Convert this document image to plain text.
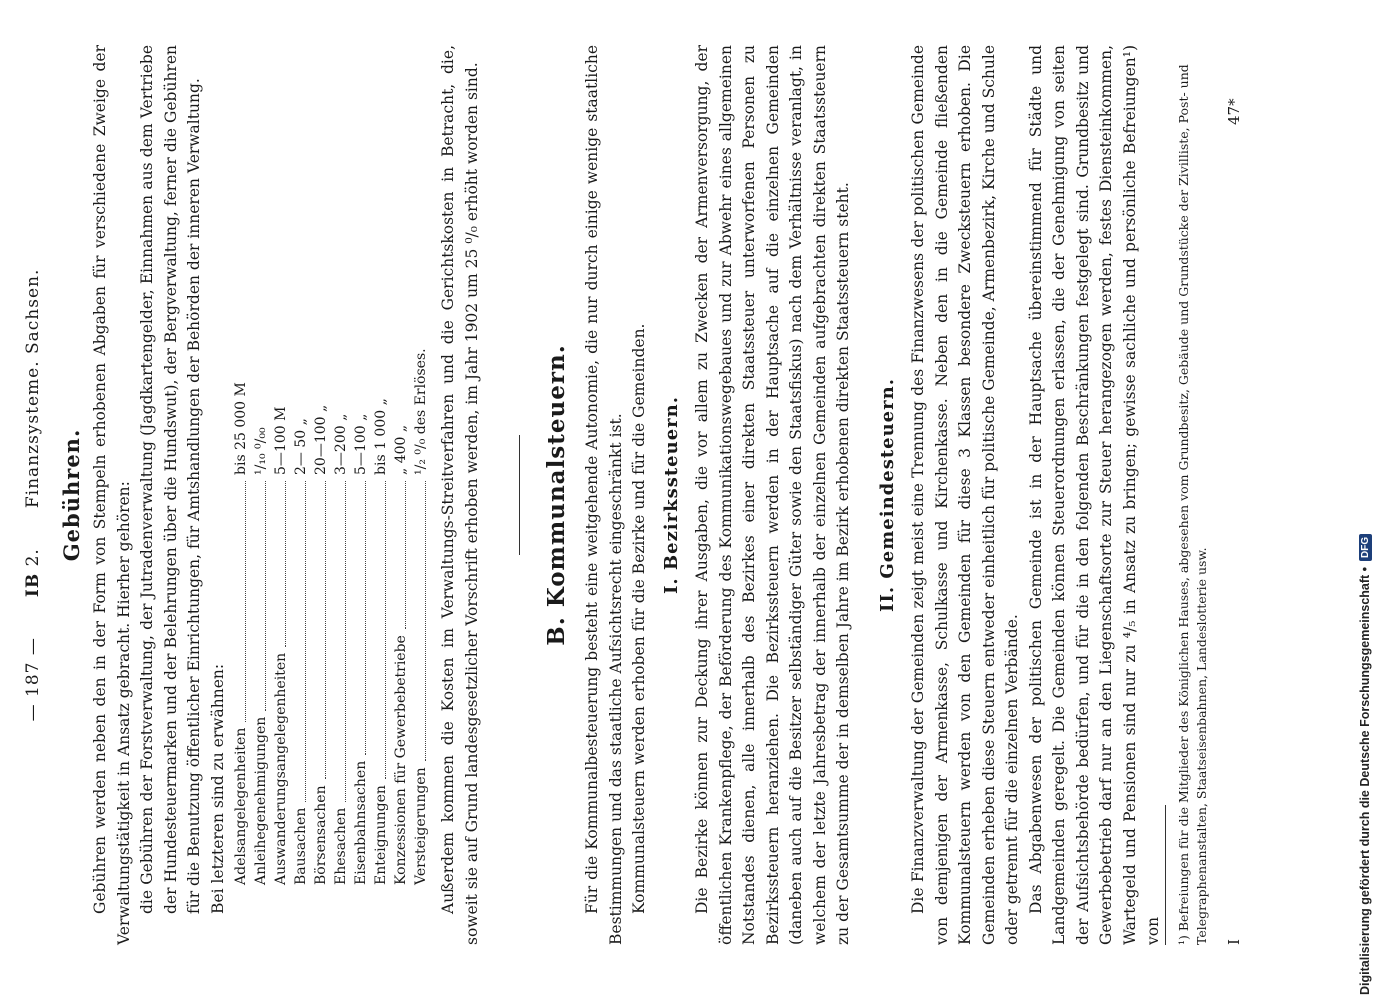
— 187 —
IB 2.
Finanzsysteme. Sachsen. Gebühren. Gebühren werden neben den in der Form von Stempeln erhobenen Abgaben für verschiedene Zweige der Verwaltungstätigkeit in Ansatz gebracht. Hierher gehören: die Gebühren der Forstverwaltung, der Jutradenverwaltung (Jagdkartengelder, Einnahmen aus dem Vertriebe der Hundesteuermarken und der Belehrungen über die Hundswut), der Bergverwaltung, ferner die Gebühren für die Benutzung öffentlicher Einrichtungen, für Amtshandlungen der Behörden der inneren Verwaltung. Bei letzteren sind zu erwähnen: Adelsangelegenheiten
bis 25 000 M
Anleihegenehmigungen
¹/₁₀ ⁰/₀₀
Auswanderungsangelegenheiten
5—100 M
Bausachen
2— 50 „
Börsensachen
20—100 „
Ehesachen
3—200 „
Eisenbahnsachen
5—100 „
Enteignungen
bis 1 000 „
Konzessionen für Gewerbebetriebe
„ 400 „
Versteigerungen
¹/₂ ⁰/₀ des Erlöses. Außerdem kommen die Kosten im Verwaltungs-Streitverfahren und die Gerichtskosten in Betracht, die, soweit sie auf Grund landesgesetzlicher Vorschrift erhoben werden, im Jahr 1902 um 25 ⁰/₀ erhöht worden sind.	B. Kommunalsteuern. Für die Kommunalbesteuerung besteht eine weitgehende Autonomie, die nur durch einige wenige staatliche Bestimmungen und das staatliche Aufsichtsrecht eingeschränkt ist. Kommunalsteuern werden erhoben für die Bezirke und für die Gemeinden. I. Bezirkssteuern. Die Bezirke können zur Deckung ihrer Ausgaben, die vor allem zu Zwecken der Armenversorgung, der öffentlichen Krankenpflege, der Beförderung des Kommunikationswegebaues und zur Abwehr eines allgemeinen Notstandes dienen, alle innerhalb des Bezirkes einer direkten Staatssteuer unterworfenen Personen zu Bezirkssteuern heranziehen. Die Bezirkssteuern werden in der Hauptsache auf die einzelnen Gemeinden (daneben auch auf die Besitzer selbständiger Güter sowie den Staatsfiskus) nach dem Verhältnisse veranlagt, in welchem der letzte Jahresbetrag der innerhalb der einzelnen Gemeinden aufgebrachten direkten Staatssteuern zu der Gesamtsumme der in demselben Jahre im Bezirk erhobenen direkten Staatssteuern steht. II. Gemeindesteuern. Die Finanzverwaltung der Gemeinden zeigt meist eine Trennung des Finanzwesens der politischen Gemeinde von demjenigen der Armenkasse, Schulkasse und Kirchenkasse. Neben den in die Gemeinde fließenden Kommunalsteuern werden von den Gemeinden für diese 3 Klassen besondere Zwecksteuern erhoben. Die Gemeinden erheben diese Steuern entweder einheitlich für politische Gemeinde, Armenbezirk, Kirche und Schule oder getrennt für die einzelnen Verbände. Das Abgabenwesen der politischen Gemeinde ist in der Hauptsache übereinstimmend für Städte und Landgemeinden geregelt. Die Gemeinden können Steuerordnungen erlassen, die der Genehmigung von seiten der Aufsichtsbehörde bedürfen, und für die in den folgenden Beschränkungen festgelegt sind. Grundbesitz und Gewerbebetrieb darf nur an den Liegenschaftsorte zur Steuer herangezogen werden, festes Diensteinkommen, Wartegeld und Pensionen sind nur zu ⁴/₅ in Ansatz zu bringen; gewisse sachliche und persönliche Befreiungen¹) von ¹) Befreiungen für die Mitglieder des Königlichen Hauses, abgesehen vom Grundbesitz, Gebäude und Grundstücke der Zivilliste, Post- und Telegraphenanstalten, Staatseisenbahnen, Landeslotterie usw. I
47*
Digitalisierung gefördert durch die Deutsche Forschungsgemeinschaft •
DFG
